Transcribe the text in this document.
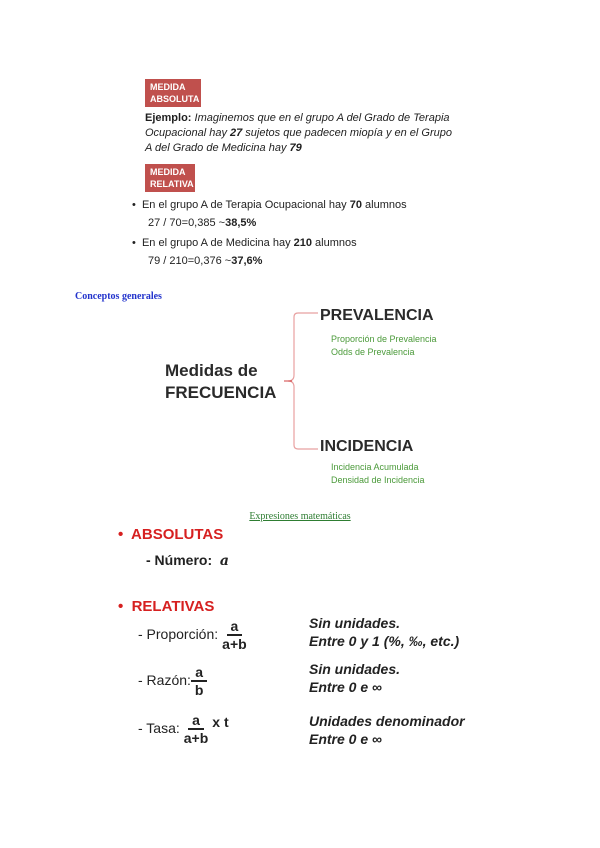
MEDIDA
ABSOLUTA
Ejemplo: Imaginemos que en el grupo A del Grado de Terapia
Ocupacional hay 27 sujetos que padecen miopía y en el Grupo
A del Grado de Medicina hay 79
MEDIDA
RELATIVA
•  En el grupo A de Terapia Ocupacional hay 70 alumnos
27 / 70=0,385 ~38,5%
•  En el grupo A de Medicina hay 210 alumnos
79 / 210=0,376 ~37,6%
Conceptos generales
Medidas de
FRECUENCIA
PREVALENCIA
Proporción de Prevalencia
Odds de Prevalencia
INCIDENCIA
Incidencia Acumulada
Densidad de Incidencia
Expresiones matemáticas
•  ABSOLUTAS
- Número: a
•  RELATIVAS
- Proporción: $\frac{a}{a+b}$	Sin unidades.
Entre 0 y 1 (%, ‰, etc.)
- Razón: $\frac{a}{b}$	Sin unidades.
Entre 0 e ∞
- Tasa: $\frac{a}{a+b}$ x t	Unidades denominador
Entre 0 e ∞
